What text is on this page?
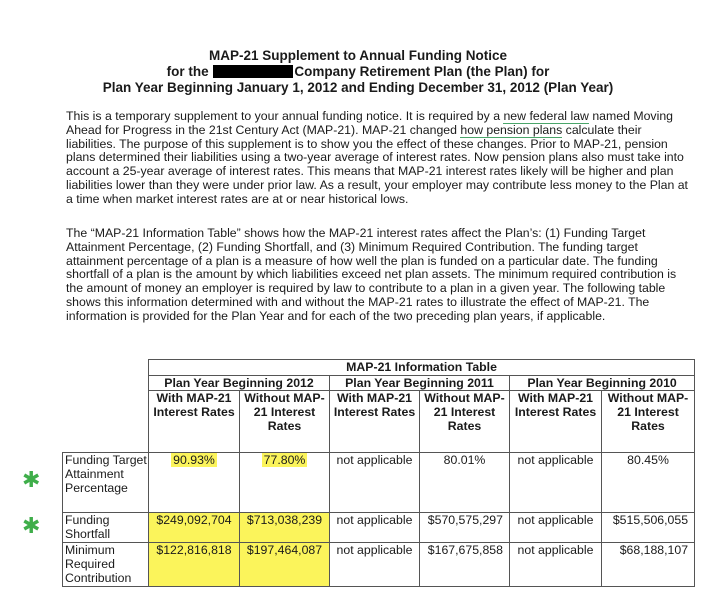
MAP-21 Supplement to Annual Funding Notice
for the	Company Retirement Plan (the Plan) for
Plan Year Beginning January 1, 2012 and Ending December 31, 2012 (Plan Year)
This is a temporary supplement to your annual funding notice. It is required by a new federal law named Moving Ahead for Progress in the 21st Century Act (MAP-21). MAP-21 changed how pension plans calculate their liabilities. The purpose of this supplement is to show you the effect of these changes. Prior to MAP-21, pension plans determined their liabilities using a two-year average of interest rates. Now pension plans also must take into account a 25-year average of interest rates. This means that MAP-21 interest rates likely will be higher and plan liabilities lower than they were under prior law. As a result, your employer may contribute less money to the Plan at a time when market interest rates are at or near historical lows.
The “MAP-21 Information Table” shows how the MAP-21 interest rates affect the Plan’s: (1) Funding Target Attainment Percentage, (2) Funding Shortfall, and (3) Minimum Required Contribution. The funding target attainment percentage of a plan is a measure of how well the plan is funded on a particular date. The funding shortfall of a plan is the amount by which liabilities exceed net plan assets. The minimum required contribution is the amount of money an employer is required by law to contribute to a plan in a given year. The following table shows this information determined with and without the MAP-21 rates to illustrate the effect of MAP-21. The information is provided for the Plan Year and for each of the two preceding plan years, if applicable.
	MAP-21 Information Table					
	Plan Year Beginning 2012		Plan Year Beginning 2011		Plan Year Beginning 2010	
	With MAP-21 Interest Rates	Without MAP-21 Interest Rates	With MAP-21 Interest Rates	Without MAP-21 Interest Rates	With MAP-21 Interest Rates	Without MAP-21 Interest Rates
Funding Target Attainment Percentage	90.93%	77.80%	not applicable	80.01%	not applicable	80.45%
Funding Shortfall	$249,092,704	$713,038,239	not applicable	$570,575,297	not applicable	$515,506,055
Minimum Required Contribution	$122,816,818	$197,464,087	not applicable	$167,675,858	not applicable	$68,188,107
✱
✱
